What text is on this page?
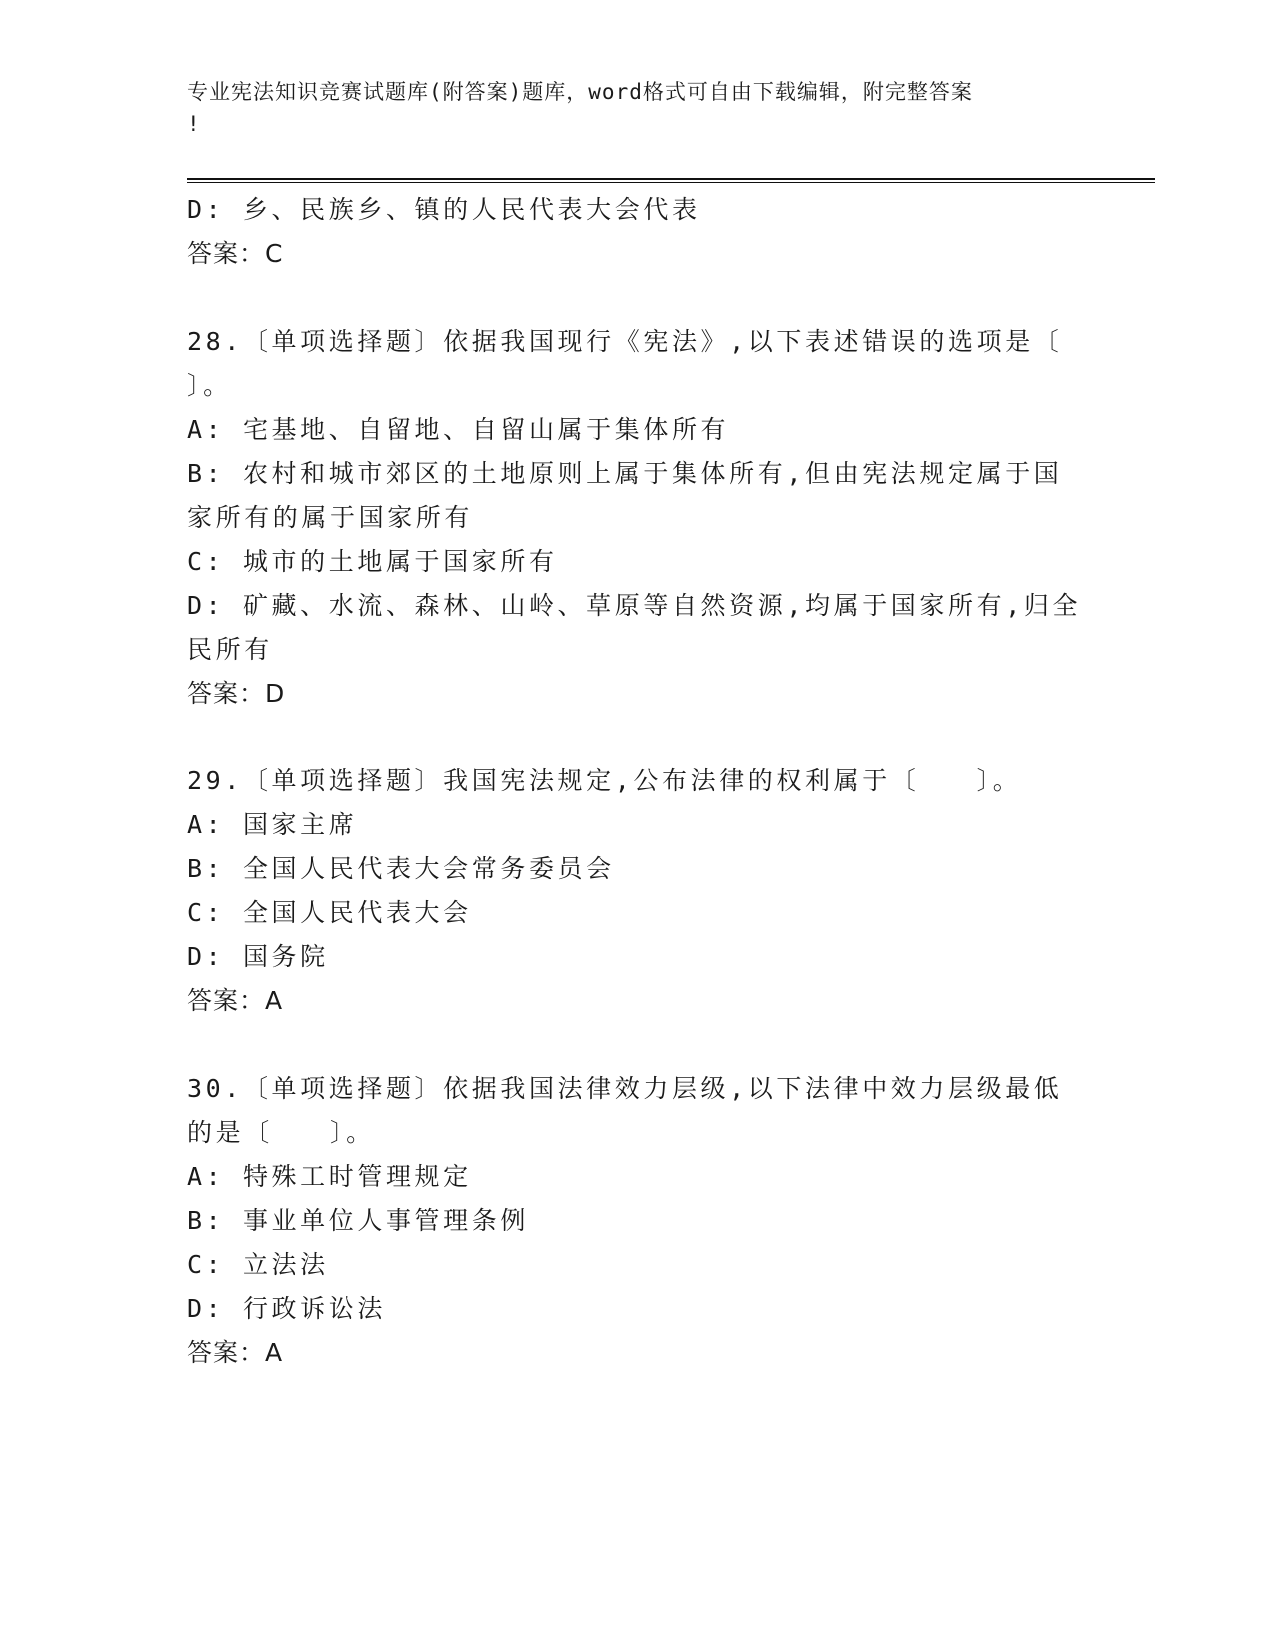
专业宪法知识竞赛试题库(附答案)题库，word格式可自由下载编辑，附完整答案
!
D: 乡、民族乡、镇的人民代表大会代表
答案：C
28.〔单项选择题〕依据我国现行《宪法》,以下表述错误的选项是〔
〕。
A: 宅基地、自留地、自留山属于集体所有
B: 农村和城市郊区的土地原则上属于集体所有,但由宪法规定属于国
家所有的属于国家所有
C: 城市的土地属于国家所有
D: 矿藏、水流、森林、山岭、草原等自然资源,均属于国家所有,归全
民所有
答案：D
29.〔单项选择题〕我国宪法规定,公布法律的权利属于〔　　〕。
A: 国家主席
B: 全国人民代表大会常务委员会
C: 全国人民代表大会
D: 国务院
答案：A
30.〔单项选择题〕依据我国法律效力层级,以下法律中效力层级最低
的是〔　　〕。
A: 特殊工时管理规定
B: 事业单位人事管理条例
C: 立法法
D: 行政诉讼法
答案：A
